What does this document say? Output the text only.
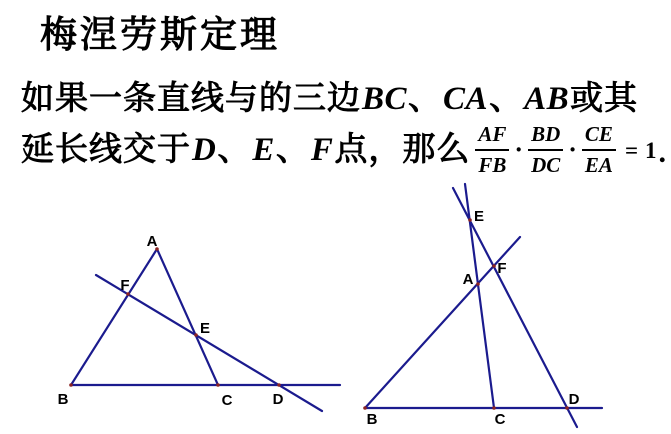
梅涅劳斯定理
如果一条直线与的三边BC、CA、AB或其
延长线交于D、E、F点，那么 $\frac{AF}{FB} \cdot \frac{BD}{DC} \cdot \frac{CE}{EA} = 1$ .
A
F
E
B	C	D
E
F
A
B	C
D
